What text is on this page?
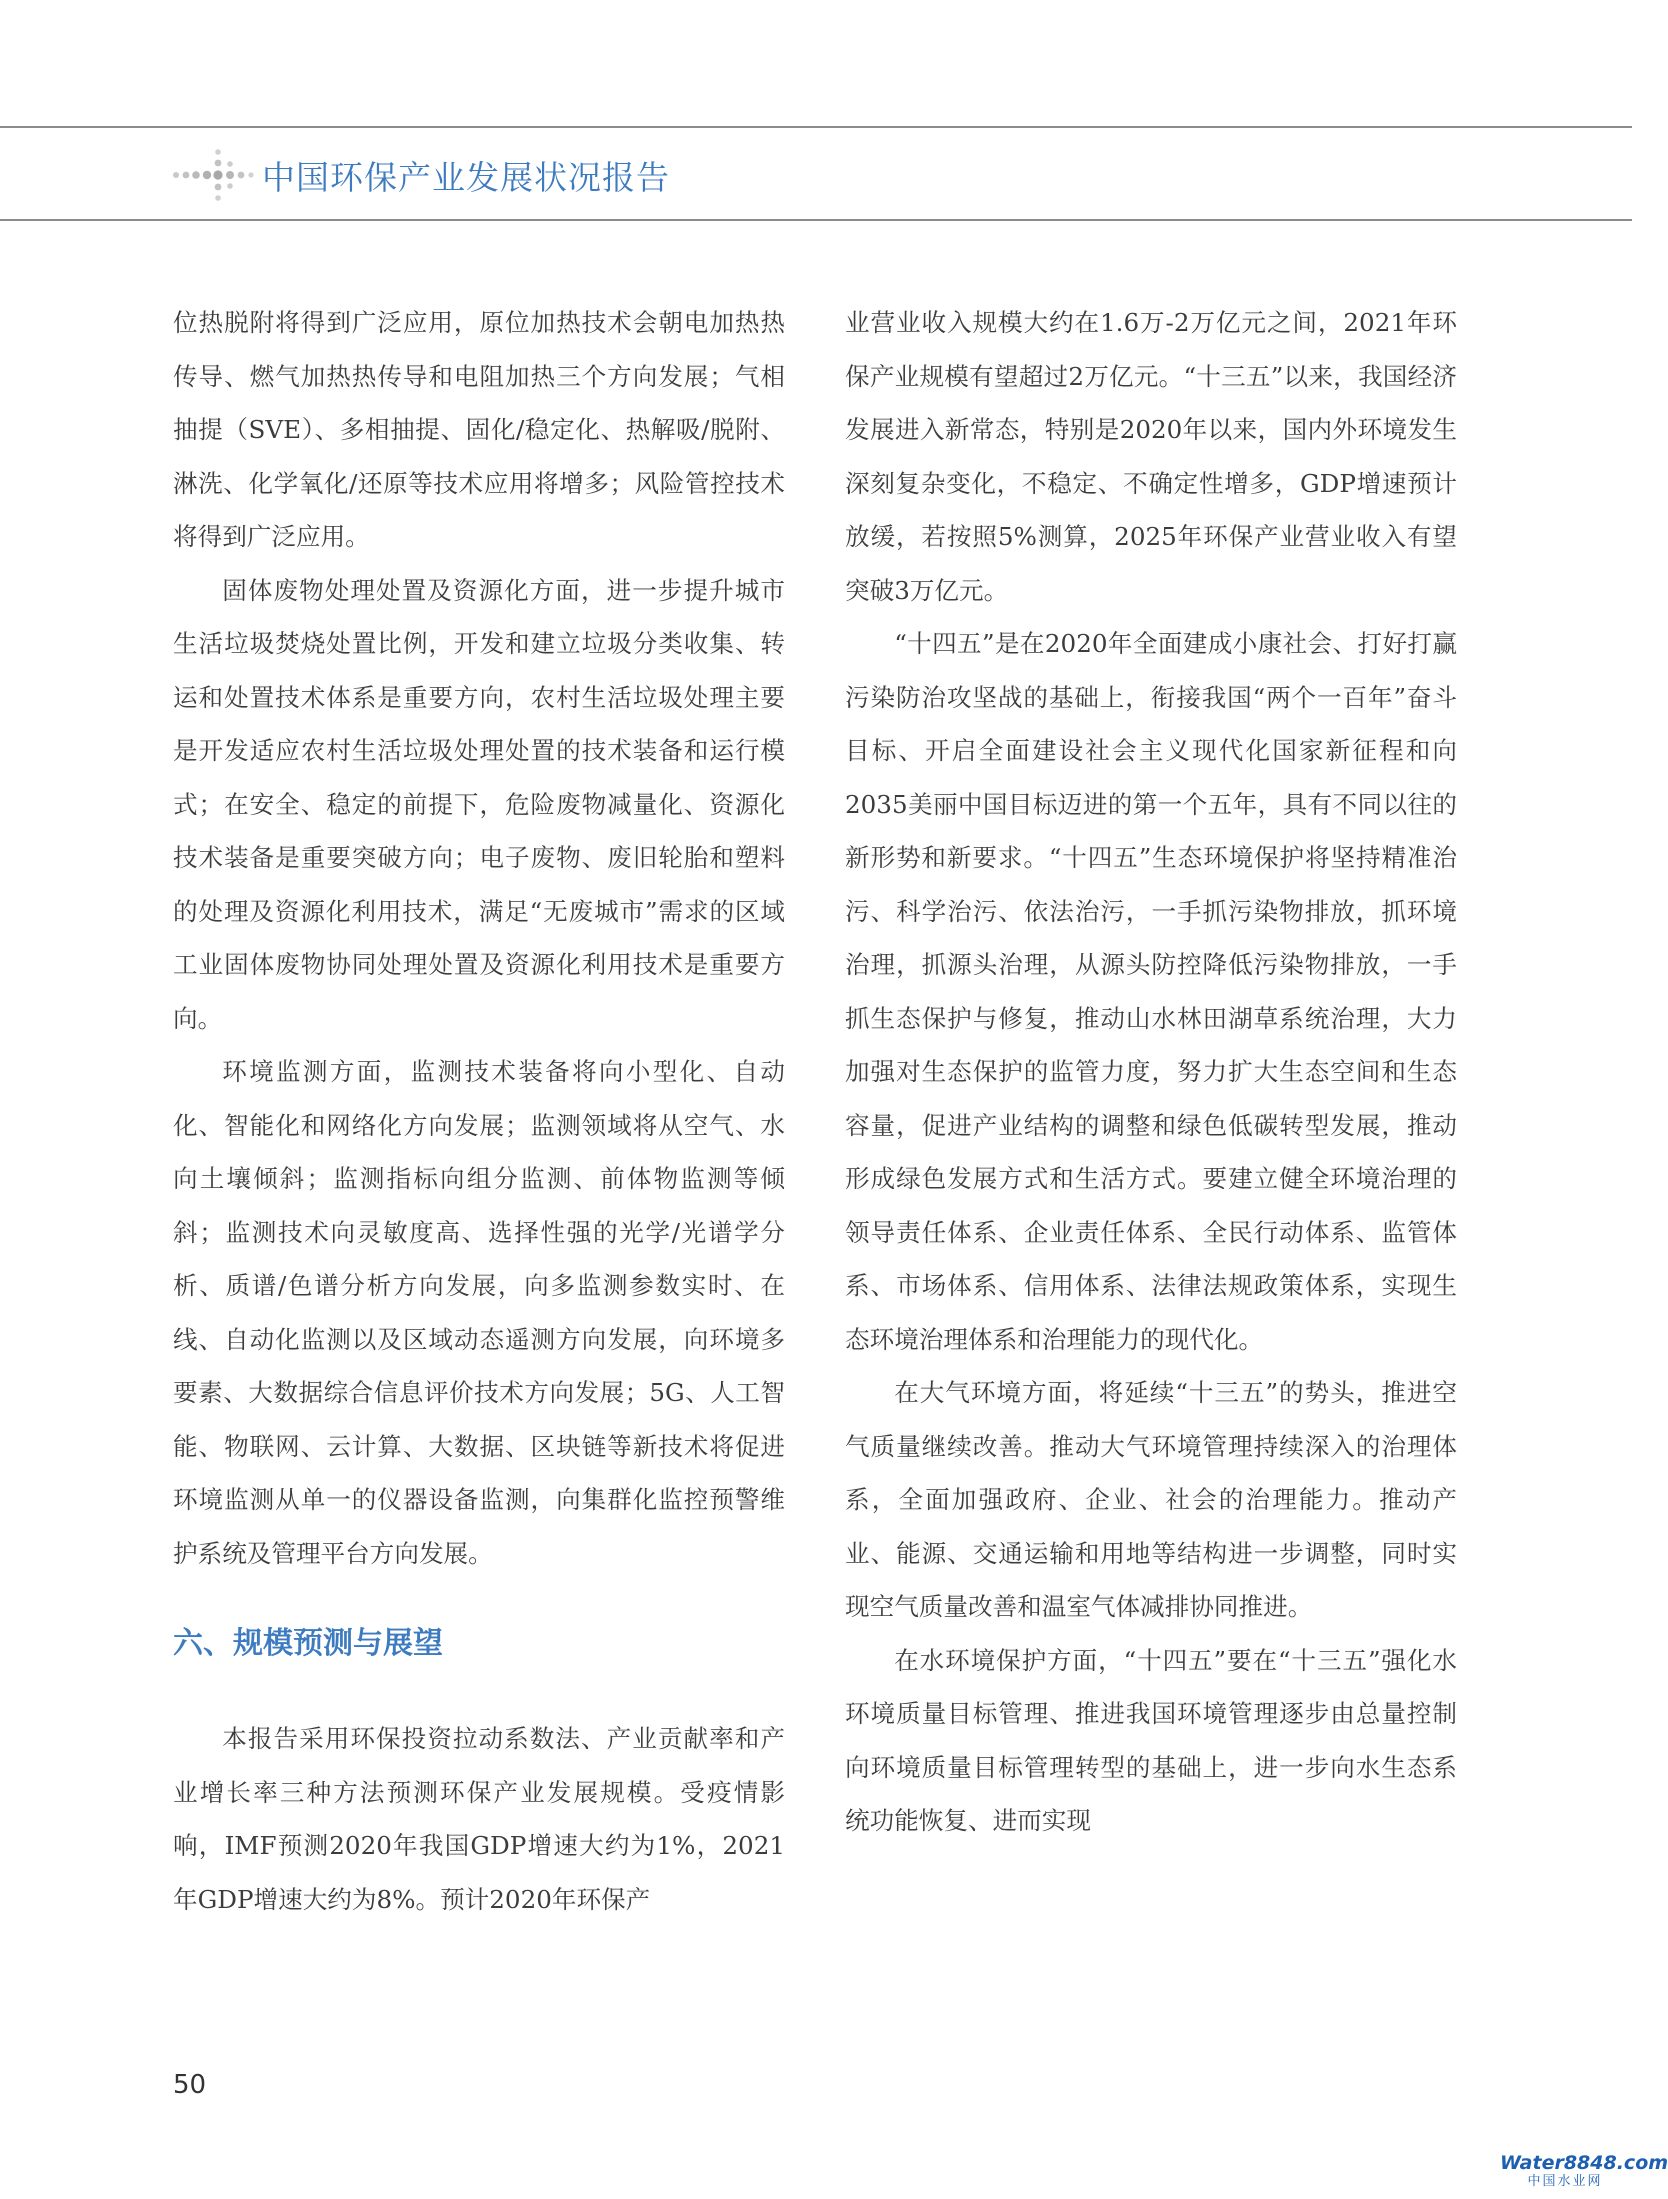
中国环保产业发展状况报告

位热脱附将得到广泛应用，原位加热技术会朝电加热热传导、燃气加热热传导和电阻加热三个方向发展；气相抽提（SVE）、多相抽提、固化/稳定化、热解吸/脱附、淋洗、化学氧化/还原等技术应用将增多；风险管控技术将得到广泛应用。

固体废物处理处置及资源化方面，进一步提升城市生活垃圾焚烧处置比例，开发和建立垃圾分类收集、转运和处置技术体系是重要方向，农村生活垃圾处理主要是开发适应农村生活垃圾处理处置的技术装备和运行模式；在安全、稳定的前提下，危险废物减量化、资源化技术装备是重要突破方向；电子废物、废旧轮胎和塑料的处理及资源化利用技术，满足“无废城市”需求的区域工业固体废物协同处理处置及资源化利用技术是重要方向。

环境监测方面，监测技术装备将向小型化、自动化、智能化和网络化方向发展；监测领域将从空气、水向土壤倾斜；监测指标向组分监测、前体物监测等倾斜；监测技术向灵敏度高、选择性强的光学/光谱学分析、质谱/色谱分析方向发展，向多监测参数实时、在线、自动化监测以及区域动态遥测方向发展，向环境多要素、大数据综合信息评价技术方向发展；5G、人工智能、物联网、云计算、大数据、区块链等新技术将促进环境监测从单一的仪器设备监测，向集群化监控预警维护系统及管理平台方向发展。

六、规模预测与展望

本报告采用环保投资拉动系数法、产业贡献率和产业增长率三种方法预测环保产业发展规模。受疫情影响，IMF预测2020年我国GDP增速大约为1%，2021年GDP增速大约为8%。预计2020年环保产

业营业收入规模大约在1.6万-2万亿元之间，2021年环保产业规模有望超过2万亿元。“十三五”以来，我国经济发展进入新常态，特别是2020年以来，国内外环境发生深刻复杂变化，不稳定、不确定性增多，GDP增速预计放缓，若按照5%测算，2025年环保产业营业收入有望突破3万亿元。

“十四五”是在2020年全面建成小康社会、打好打赢污染防治攻坚战的基础上，衔接我国“两个一百年”奋斗目标、开启全面建设社会主义现代化国家新征程和向2035美丽中国目标迈进的第一个五年，具有不同以往的新形势和新要求。“十四五”生态环境保护将坚持精准治污、科学治污、依法治污，一手抓污染物排放，抓环境治理，抓源头治理，从源头防控降低污染物排放，一手抓生态保护与修复，推动山水林田湖草系统治理，大力加强对生态保护的监管力度，努力扩大生态空间和生态容量，促进产业结构的调整和绿色低碳转型发展，推动形成绿色发展方式和生活方式。要建立健全环境治理的领导责任体系、企业责任体系、全民行动体系、监管体系、市场体系、信用体系、法律法规政策体系，实现生态环境治理体系和治理能力的现代化。

在大气环境方面，将延续“十三五”的势头，推进空气质量继续改善。推动大气环境管理持续深入的治理体系，全面加强政府、企业、社会的治理能力。推动产业、能源、交通运输和用地等结构进一步调整，同时实现空气质量改善和温室气体减排协同推进。

在水环境保护方面，“十四五”要在“十三五”强化水环境质量目标管理、推进我国环境管理逐步由总量控制向环境质量目标管理转型的基础上，进一步向水生态系统功能恢复、进而实现

50
Water8848.com
中国水业网
